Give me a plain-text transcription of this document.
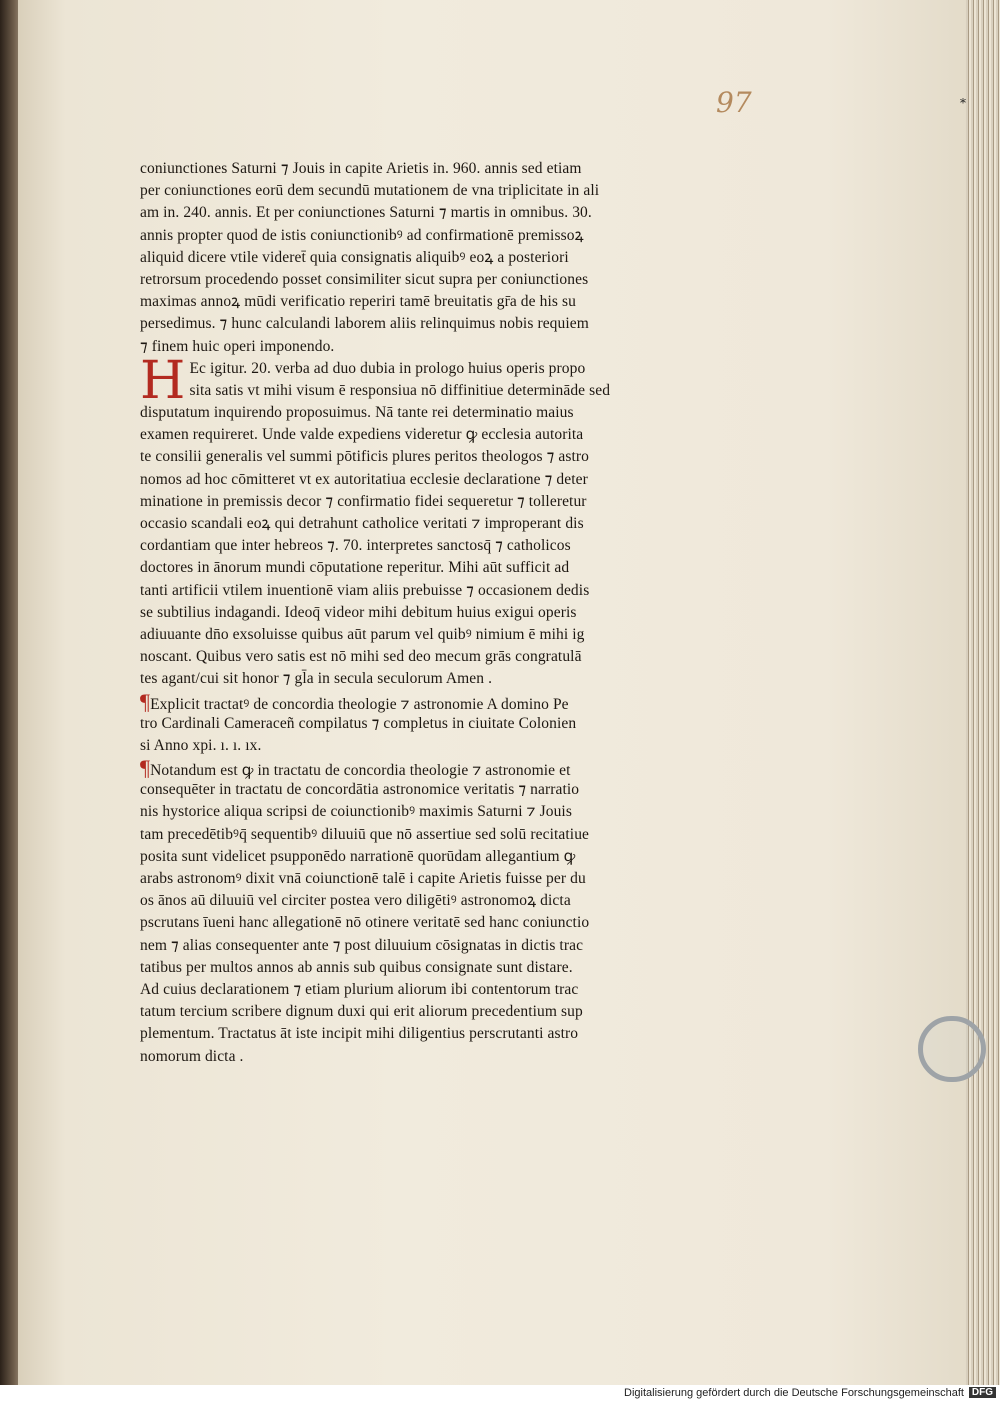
97	*
coniunctiones Saturni ⁊ Jouis in capite Arietis in. 960. annis sed etiam
per coniunctiones eorū dem secundū mutationem de vna triplicitate in ali
am in. 240. annis. Et per coniunctiones Saturni ⁊ martis in omnibus. 30.
annis propter quod de istis coniunctionibꝰ ad confirmationē premissoꝝ
aliquid dicere vtile videret̄ quia consignatis aliquibꝰ eoꝝ a posteriori
retrorsum procedendo posset consimiliter sicut supra per coniunctiones
maximas annoꝝ mūdi verificatio reperiri tamē breuitatis gr̄a de his su
persedimus. ⁊ hunc calculandi laborem aliis relinquimus nobis requiem
⁊ finem huic operi imponendo.
H Ec igitur. 20. verba ad duo dubia in prologo huius operis propo
sita satis vt mihi visum ē responsiua nō diffinitiue determināde sed
disputatum inquirendo proposuimus. Nā tante rei determinatio maius
examen requireret. Unde valde expediens videretur ꝙ ecclesia autorita
te consilii generalis vel summi pōtificis plures peritos theologos ⁊ astro
nomos ad hoc cōmitteret vt ex autoritatiua ecclesie declaratione ⁊ deter
minatione in premissis decor ⁊ confirmatio fidei sequeretur ⁊ tolleretur
occasio scandali eoꝝ qui detrahunt catholice veritati ⁊ improperant dis
cordantiam que inter hebreos ⁊. 70. interpretes sanctosq̄ ⁊ catholicos
doctores in ānorum mundi cōputatione reperitur. Mihi aūt sufficit ad
tanti artificii vtilem inuentionē viam aliis prebuisse ⁊ occasionem dedis
se subtilius indagandi. Ideoq̄ videor mihi debitum huius exigui operis
adiuuante dn̄o exsoluisse quibus aūt parum vel quibꝰ nimium ē mihi ig
noscant. Quibus vero satis est nō mihi sed deo mecum grās congratulā
tes agant/cui sit honor ⁊ gl̄a in secula seculorum Amen .
¶Explicit tractatꝰ de concordia theologie ⁊ astronomie A domino Pe
tro Cardinali Cameraceñ compilatus ⁊ completus in ciuitate Colonien
si Anno xpi. ı. ı. ıx.
¶Notandum est ꝙ in tractatu de concordia theologie ⁊ astronomie et
consequēter in tractatu de concordātia astronomice veritatis ⁊ narratio
nis hystorice aliqua scripsi de coiunctionibꝰ maximis Saturni ⁊ Jouis
tam precedētibꝰq̄ sequentibꝰ diluuiū que nō assertiue sed solū recitatiue
posita sunt videlicet psupponēdo narrationē quorūdam allegantium ꝙ
arabs astronomꝰ dixit vnā coiunctionē talē i capite Arietis fuisse per du
os ānos aū diluuiū vel circiter postea vero diligētiꝰ astronomoꝝ dicta
pscrutans īueni hanc allegationē nō otinere veritatē sed hanc coniunctio
nem ⁊ alias consequenter ante ⁊ post diluuium cōsignatas in dictis trac
tatibus per multos annos ab annis sub quibus consignate sunt distare.
Ad cuius declarationem ⁊ etiam plurium aliorum ibi contentorum trac
tatum tercium scribere dignum duxi qui erit aliorum precedentium sup
plementum. Tractatus āt iste incipit mihi diligentius perscrutanti astro
nomorum dicta .
Digitalisierung gefördert durch die Deutsche Forschungsgemeinschaft DFG
